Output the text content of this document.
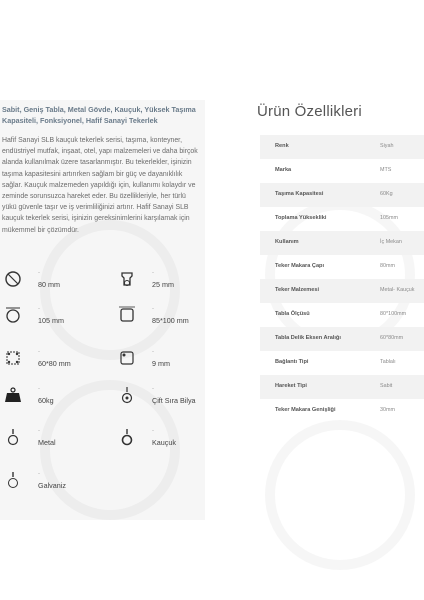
Sabit, Geniş Tabla, Metal Gövde, Kauçuk, Yüksek Taşıma Kapasiteli, Fonksiyonel, Hafif Sanayi Tekerlek
Hafif Sanayi SLB kauçuk tekerlek serisi, taşıma, konteyner, endüstriyel mutfak, inşaat, otel, yapı malzemeleri ve daha birçok alanda kullanılmak üzere tasarlanmıştır. Bu tekerlekler, işinizin taşıma kapasitesini artırırken sağlam bir güç ve dayanıklılık sağlar. Kauçuk malzemeden yapıldığı için, kullanımı kolaydır ve zeminde sorunsuzca hareket eder. Bu özellikleriyle, her türlü yükü güvenle taşır ve iş verimliliğinizi artırır. Hafif Sanayi SLB kauçuk tekerlek serisi, işinizin gereksinimlerini karşılamak için mükemmel bir çözümdür.
-
80 mm
-
25 mm
-
105 mm
-
85*100 mm
-
60*80 mm
-
9 mm
-
60kg
-
Çift Sıra Bilya
-
Metal
-
Kauçuk
-
Galvaniz
Ürün Özellikleri
Renk	Siyah
Marka	MTS
Taşıma Kapasitesi	60Kg
Toplama Yüksekliki	105mm
Kullanım	İç Mekan
Teker Makara Çapı	80mm
Teker Malzemesi	Metal- Kauçuk
Tabla Ölçüsü	80*100mm
Tabla Delik Eksen Aralığı	60*80mm
Bağlantı Tipi	Tablalı
Hareket Tipi	Sabit
Teker Makara Genişliği	30mm
